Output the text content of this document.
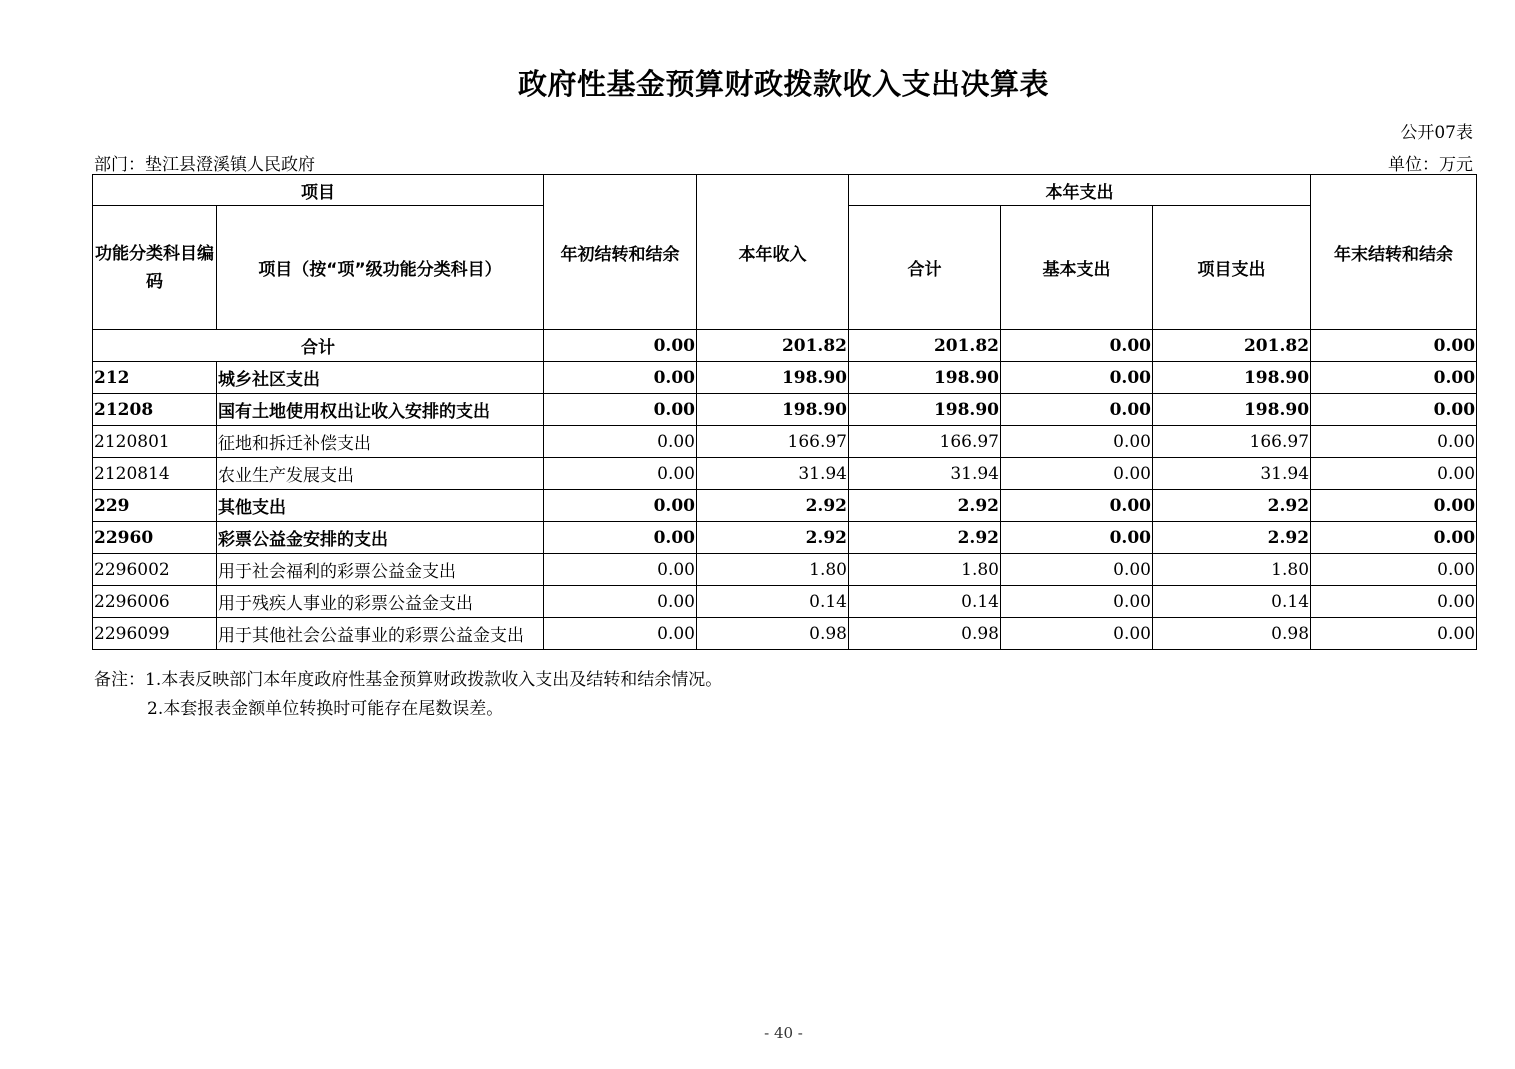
政府性基金预算财政拨款收入支出决算表
公开07表
部门：垫江县澄溪镇人民政府	单位：万元
项目		年初结转和结余	本年收入	本年支出			年末结转和结余
功能分类科目编码	项目（按“项”级功能分类科目）			合计	基本支出	项目支出	
合计		0.00	201.82	201.82	0.00	201.82	0.00
212	城乡社区支出	0.00	198.90	198.90	0.00	198.90	0.00
21208	国有土地使用权出让收入安排的支出	0.00	198.90	198.90	0.00	198.90	0.00
2120801	征地和拆迁补偿支出	0.00	166.97	166.97	0.00	166.97	0.00
2120814	农业生产发展支出	0.00	31.94	31.94	0.00	31.94	0.00
229	其他支出	0.00	2.92	2.92	0.00	2.92	0.00
22960	彩票公益金安排的支出	0.00	2.92	2.92	0.00	2.92	0.00
2296002	用于社会福利的彩票公益金支出	0.00	1.80	1.80	0.00	1.80	0.00
2296006	用于残疾人事业的彩票公益金支出	0.00	0.14	0.14	0.00	0.14	0.00
2296099	用于其他社会公益事业的彩票公益金支出	0.00	0.98	0.98	0.00	0.98	0.00
备注：1.本表反映部门本年度政府性基金预算财政拨款收入支出及结转和结余情况。
2.本套报表金额单位转换时可能存在尾数误差。
- 40 -
